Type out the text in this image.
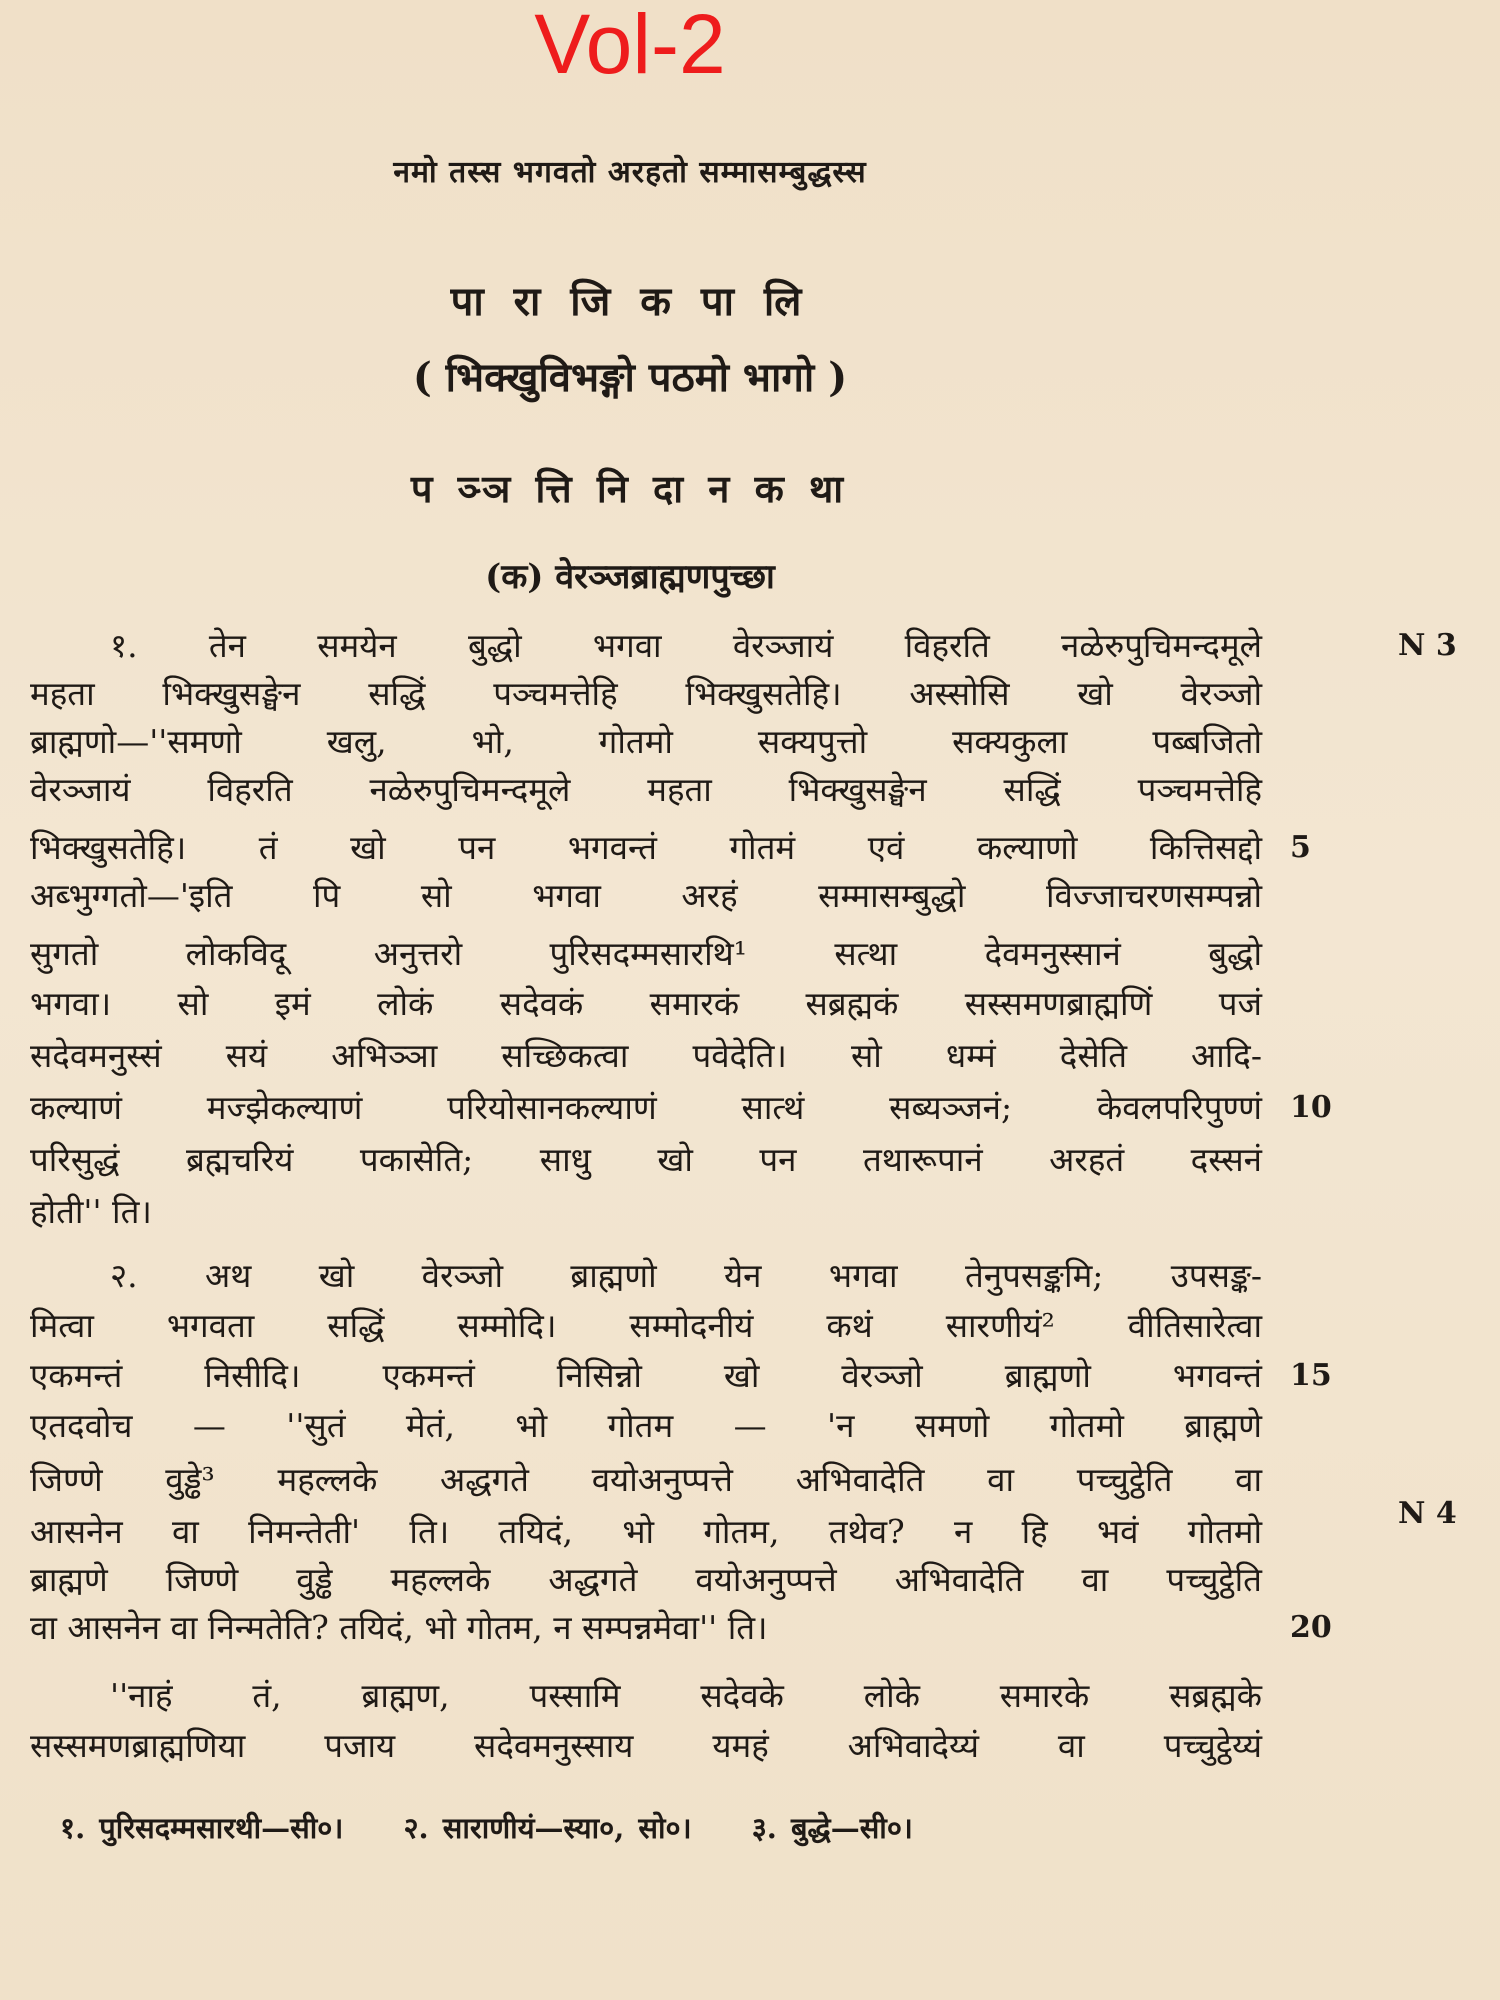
Vol-2
नमो तस्स भगवतो अरहतो सम्मासम्बुद्धस्स
पा रा जि क पा लि
( भिक्खुविभङ्गो पठमो भागो )
प ञ्ञ त्ति नि दा न क था
(क) वेरञ्जब्राह्मणपुच्छा
१. तेन समयेन बुद्धो भगवा वेरञ्जायं विहरति नळेरुपुचिमन्दमूले
महता भिक्खुसङ्घेन सद्धिं पञ्चमत्तेहि भिक्खुसतेहि। अस्सोसि खो वेरञ्जो
ब्राह्मणो—''समणो खलु, भो, गोतमो सक्यपुत्तो सक्यकुला पब्बजितो
वेरञ्जायं विहरति नळेरुपुचिमन्दमूले महता भिक्खुसङ्घेन सद्धिं पञ्चमत्तेहि
भिक्खुसतेहि। तं खो पन भगवन्तं गोतमं एवं कल्याणो कित्तिसद्दो
अब्भुग्गतो—'इति पि सो भगवा अरहं सम्मासम्बुद्धो विज्जाचरणसम्पन्नो
सुगतो लोकविदू अनुत्तरो पुरिसदम्मसारथि¹ सत्था देवमनुस्सानं बुद्धो
भगवा। सो इमं लोकं सदेवकं समारकं सब्रह्मकं सस्समणब्राह्मणिं पजं
सदेवमनुस्सं सयं अभिञ्ञा सच्छिकत्वा पवेदेति। सो धम्मं देसेति आदि-
कल्याणं मज्झेकल्याणं परियोसानकल्याणं सात्थं सब्यञ्जनं; केवलपरिपुण्णं
परिसुद्धं ब्रह्मचरियं पकासेति; साधु खो पन तथारूपानं अरहतं दस्सनं
होती'' ति।
२. अथ खो वेरञ्जो ब्राह्मणो येन भगवा तेनुपसङ्कमि; उपसङ्क-
मित्वा भगवता सद्धिं सम्मोदि। सम्मोदनीयं कथं सारणीयं² वीतिसारेत्वा
एकमन्तं निसीदि। एकमन्तं निसिन्नो खो वेरञ्जो ब्राह्मणो भगवन्तं
एतदवोच — ''सुतं मेतं, भो गोतम — 'न समणो गोतमो ब्राह्मणे
जिण्णे वुड्ढे³ महल्लके अद्धगते वयोअनुप्पत्ते अभिवादेति वा पच्चुट्ठेति वा
आसनेन वा निमन्तेती' ति। तयिदं, भो गोतम, तथेव? न हि भवं गोतमो
ब्राह्मणे जिण्णे वुड्ढे महल्लके अद्धगते वयोअनुप्पत्ते अभिवादेति वा पच्चुट्ठेति
वा आसनेन वा निन्मतेति? तयिदं, भो गोतम, न सम्पन्नमेवा'' ति।
''नाहं तं, ब्राह्मण, पस्सामि सदेवके लोके समारके सब्रह्मके
सस्समणब्राह्मणिया पजाय सदेवमनुस्साय यमहं अभिवादेय्यं वा पच्चुट्ठेय्यं
5
10
15
20
N 3
N 4
१. पुरिसदम्मसारथी—सी०। २. साराणीयं—स्या०, सो०। ३. बुद्धे—सी०।
